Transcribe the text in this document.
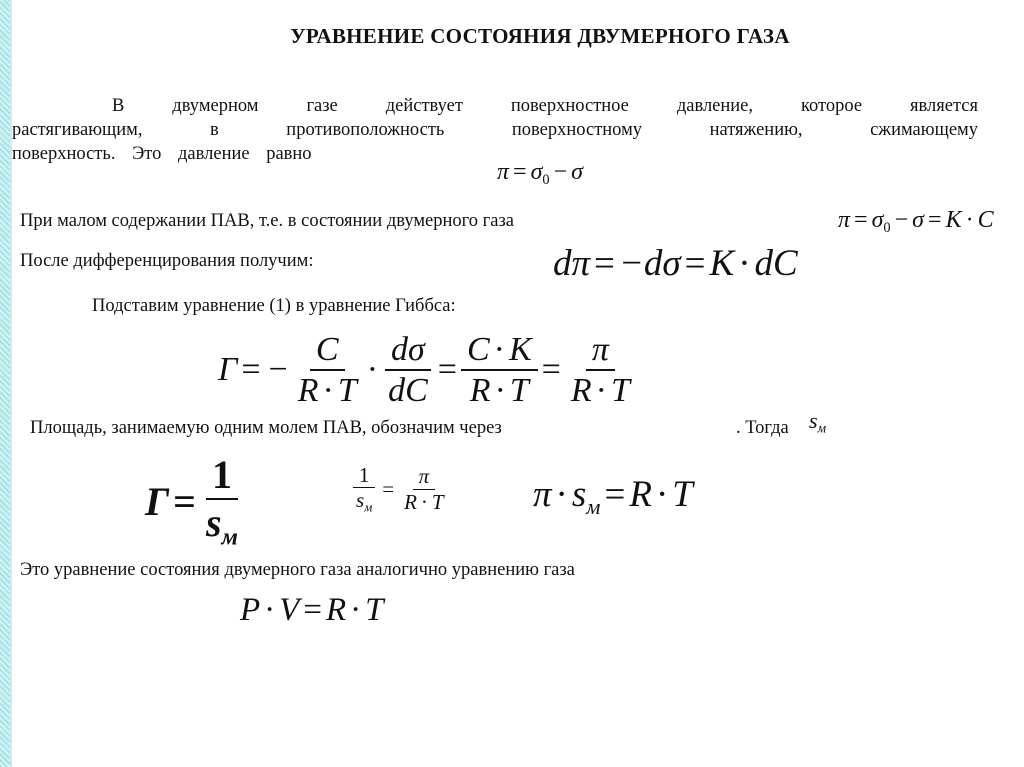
УРАВНЕНИЕ СОСТОЯНИЯ ДВУМЕРНОГО ГАЗА
В двумерном газе действует поверхностное давление, которое является
растягивающим, в противоположность поверхностному натяжению, сжимающему
поверхность. Это давление равно
$\pi = \sigma_0 - \sigma$
При малом содержании ПАВ, т.е. в состоянии двумерного газа	$\pi = \sigma_0 - \sigma = K \cdot C$
После дифференцирования получим:	dπ = −dσ = K · dC
Подставим уравнение (1) в уравнение Гиббса:
Г = − $\frac{C}{R \cdot T} \cdot \frac{d\sigma}{dC} = \frac{C \cdot K}{R \cdot T} = \frac{\pi}{R \cdot T}$
Площадь, занимаемую одним молем ПАВ, обозначим через	. Тогда $s_м$
$Г = \frac{1}{s_м}$	$\frac{1}{s_м} = \frac{\pi}{R \cdot T}$ $\pi \cdot s_м = R \cdot T$
Это уравнение состояния двумерного газа аналогично уравнению газа
P · V = R · T
